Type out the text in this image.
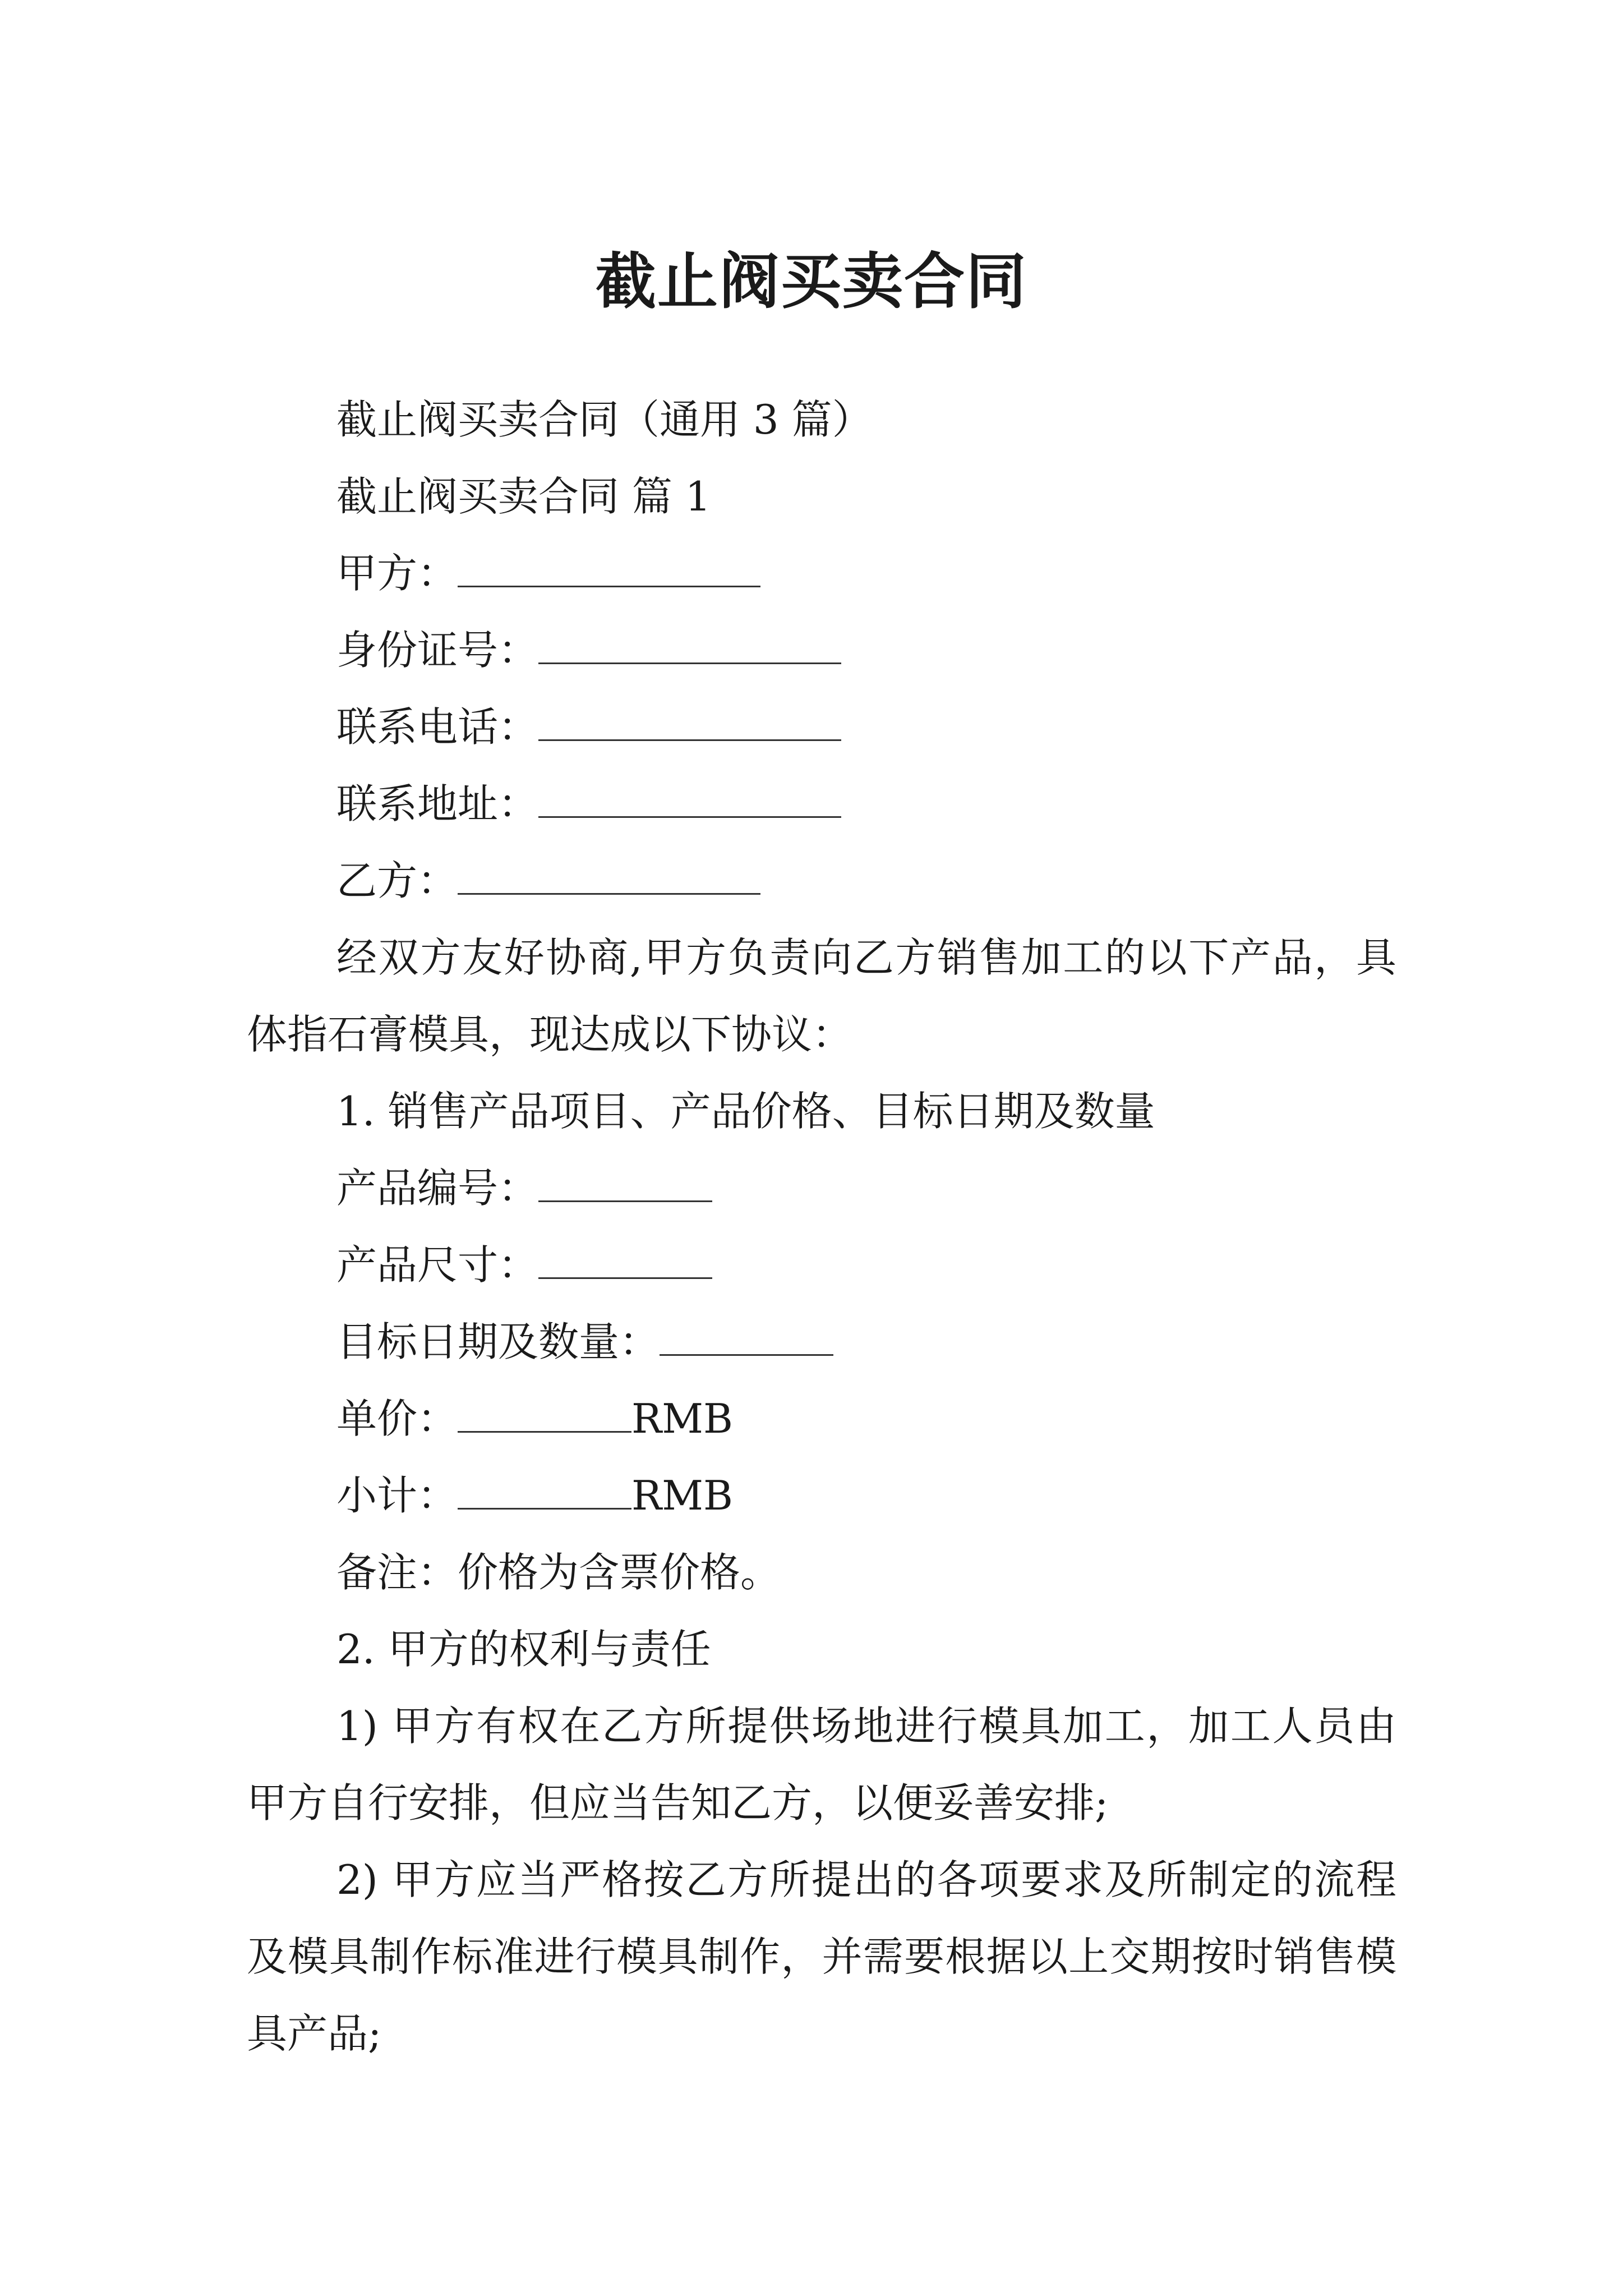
截止阀买卖合同

截止阀买卖合同（通用 3 篇）

截止阀买卖合同 篇 1

甲方：

身份证号：

联系电话：

联系地址：

乙方：

经双方友好协商,甲方负责向乙方销售加工的以下产品，具体指石膏模具，现达成以下协议：

1. 销售产品项目、产品价格、目标日期及数量

产品编号：

产品尺寸：

目标日期及数量：

单价：	RMB

小计：	RMB

备注：价格为含票价格。

2. 甲方的权利与责任

1) 甲方有权在乙方所提供场地进行模具加工，加工人员由甲方自行安排，但应当告知乙方，以便妥善安排;

2) 甲方应当严格按乙方所提出的各项要求及所制定的流程及模具制作标准进行模具制作，并需要根据以上交期按时销售模具产品;
